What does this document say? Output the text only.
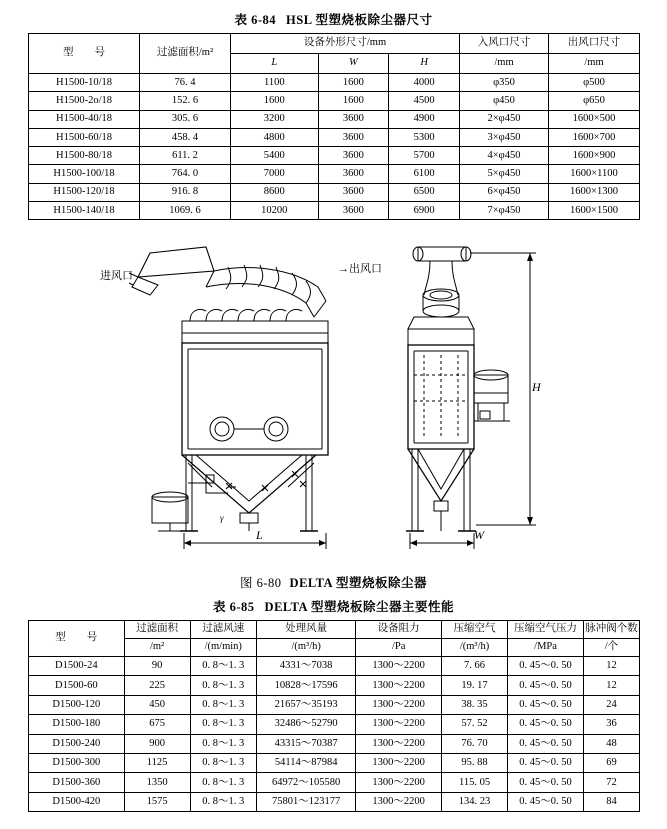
表 6-84 HSL 型塑烧板除尘器尺寸
型　　号	过滤面积/m²	设备外形尺寸/mm			入风口尺寸	出风口尺寸
		L	W	H	/mm	/mm
H1500-10/18	76. 4	1100	1600	4000	φ350	φ500
H1500-2o/18	152. 6	1600	1600	4500	φ450	φ650
H1500-40/18	305. 6	3200	3600	4900	2×φ450	1600×500
H1500-60/18	458. 4	4800	3600	5300	3×φ450	1600×700
H1500-80/18	611. 2	5400	3600	5700	4×φ450	1600×900
H1500-100/18	764. 0	7000	3600	6100	5×φ450	1600×1100
H1500-120/18	916. 8	8600	3600	6500	6×φ450	1600×1300
H1500-140/18	1069. 6	10200	3600	6900	7×φ450	1600×1500
进风口
→出风口
L	W
H
γ
图 6-80 DELTA 型塑烧板除尘器
表 6-85 DELTA 型塑烧板除尘器主要性能
型　　号	过滤面积	过滤风速	处理风量	设备阻力	压缩空气	压缩空气压力	脉冲阀个数
	/m²	/(m/min)	/(m³/h)	/Pa	/(m³/h)	/MPa	/个
D1500-24	90	0. 8～1. 3	4331～7038	1300～2200	7. 66	0. 45～0. 50	12
D1500-60	225	0. 8～1. 3	10828～17596	1300～2200	19. 17	0. 45～0. 50	12
D1500-120	450	0. 8～1. 3	21657～35193	1300～2200	38. 35	0. 45～0. 50	24
D1500-180	675	0. 8～1. 3	32486～52790	1300～2200	57. 52	0. 45～0. 50	36
D1500-240	900	0. 8～1. 3	43315～70387	1300～2200	76. 70	0. 45～0. 50	48
D1500-300	1125	0. 8～1. 3	54114～87984	1300～2200	95. 88	0. 45～0. 50	69
D1500-360	1350	0. 8～1. 3	64972～105580	1300～2200	115. 05	0. 45～0. 50	72
D1500-420	1575	0. 8～1. 3	75801～123177	1300～2200	134. 23	0. 45～0. 50	84
